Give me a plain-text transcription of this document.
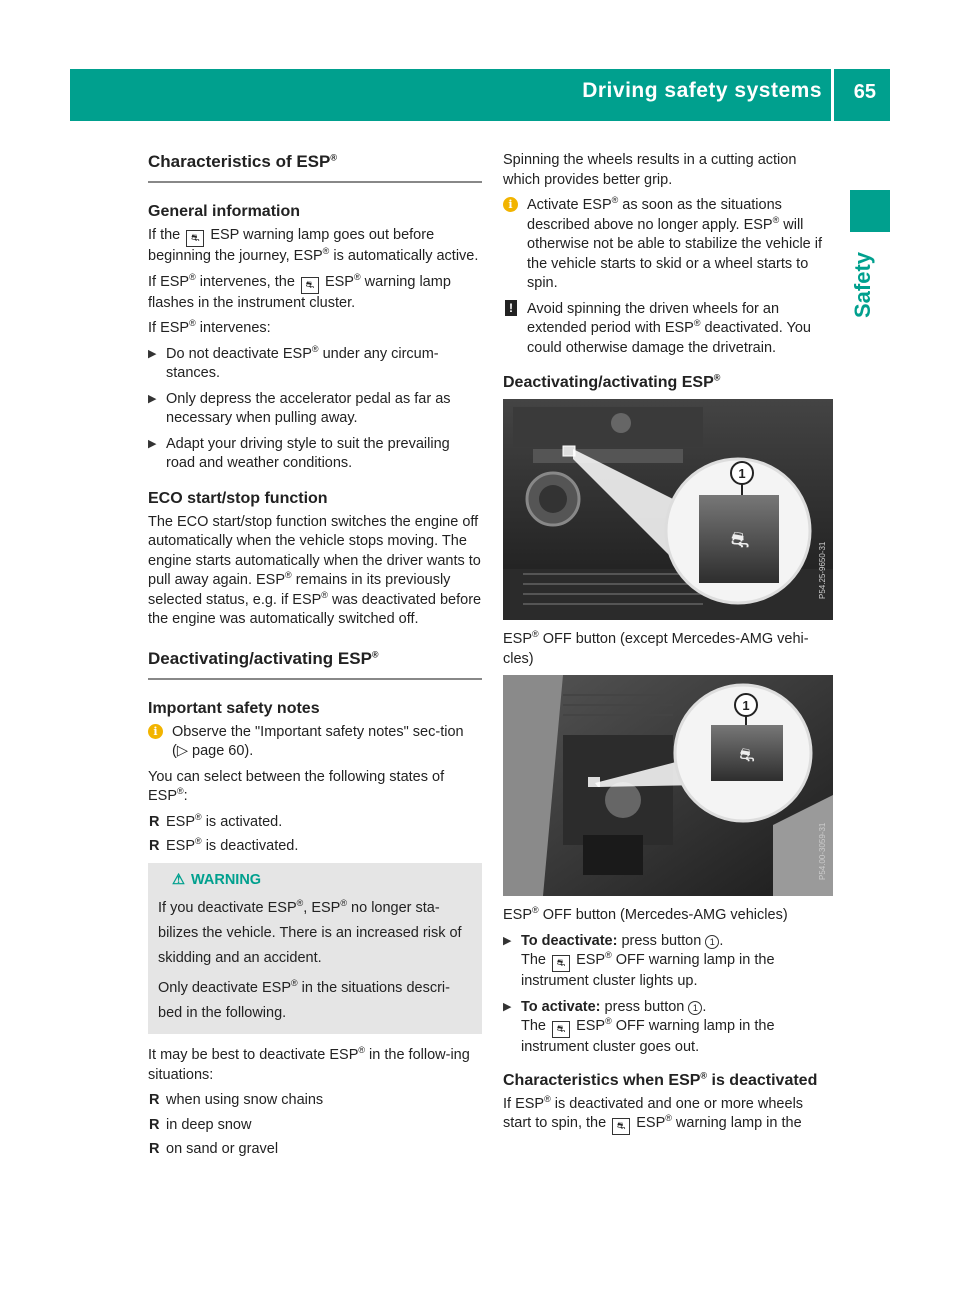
Driving safety systems 65
Safety
Characteristics of ESP®
General information

If the ⛐ ESP warning lamp goes out before beginning the journey, ESP® is automatically active.

If ESP® intervenes, the ⛐ ESP® warning lamp flashes in the instrument cluster.

If ESP® intervenes:

▶ Do not deactivate ESP® under any circum-stances.
▶ Only depress the accelerator pedal as far as necessary when pulling away.
▶ Adapt your driving style to suit the prevailing road and weather conditions.
ECO start/stop function

The ECO start/stop function switches the engine off automatically when the vehicle stops moving. The engine starts automatically when the driver wants to pull away again. ESP® remains in its previously selected status, e.g. if ESP® was deactivated before the engine was automatically switched off.

Deactivating/activating ESP®
Important safety notes
i Observe the "Important safety notes" sec-tion (▷ page 60).

You can select between the following states of ESP®:

R ESP® is activated.
R ESP® is deactivated.
⚠ WARNING

If you deactivate ESP®, ESP® no longer sta-bilizes the vehicle. There is an increased risk of skidding and an accident.

Only deactivate ESP® in the situations descri-bed in the following.

It may be best to deactivate ESP® in the follow-ing situations:

R when using snow chains
R in deep snow
R on sand or gravel

Spinning the wheels results in a cutting action which provides better grip.

i Activate ESP® as soon as the situations described above no longer apply. ESP® will otherwise not be able to stabilize the vehicle if the vehicle starts to skid or a wheel starts to spin.
! Avoid spinning the driven wheels for an extended period with ESP® deactivated. You could otherwise damage the drivetrain.
Deactivating/activating ESP®
1
⛐
P54.25-9650-31

ESP® OFF button (except Mercedes-AMG vehi-cles)

1
⛐
P54.00-3059-31

ESP® OFF button (Mercedes-AMG vehicles)

▶ To deactivate: press button 1 .
The ⛐ ESP® OFF warning lamp in the instrument cluster lights up.
▶ To activate: press button 1 .
The ⛐ ESP® OFF warning lamp in the instrument cluster goes out.
Characteristics when ESP® is deactivated

If ESP® is deactivated and one or more wheels start to spin, the ⛐ ESP® warning lamp in the
